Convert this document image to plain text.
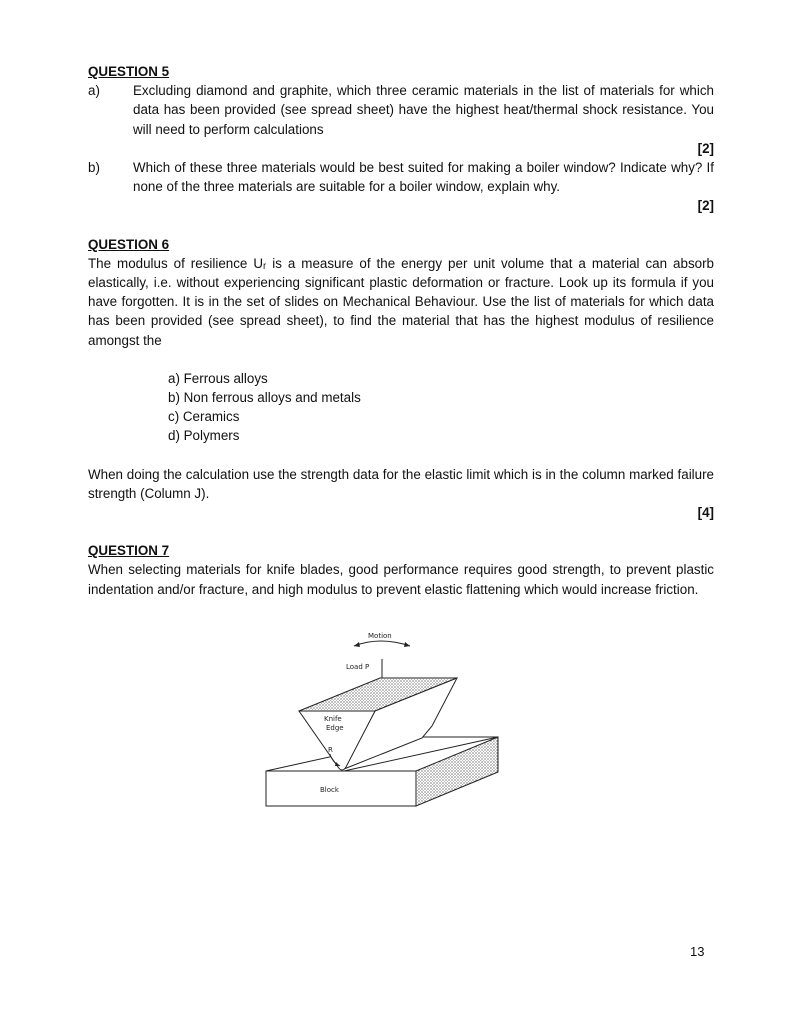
QUESTION 5
a)	Excluding diamond and graphite, which three ceramic materials in the list of materials for which data has been provided (see spread sheet) have the highest heat/thermal shock resistance. You will need to perform calculations
[2]
b)	Which of these three materials would be best suited for making a boiler window? Indicate why? If none of the three materials are suitable for a boiler window, explain why.
[2]
QUESTION 6
The modulus of resilience Uᵣ is a measure of the energy per unit volume that a material can absorb elastically, i.e. without experiencing significant plastic deformation or fracture. Look up its formula if you have forgotten. It is in the set of slides on Mechanical Behaviour. Use the list of materials for which data has been provided (see spread sheet), to find the material that has the highest modulus of resilience amongst the
a) Ferrous alloys
b) Non ferrous alloys and metals
c) Ceramics
d) Polymers
When doing the calculation use the strength data for the elastic limit which is in the column marked failure strength (Column J).
[4]
QUESTION 7
When selecting materials for knife blades, good performance requires good strength, to prevent plastic indentation and/or fracture, and high modulus to prevent elastic flattening which would increase friction.
Motion
Load P
Block
Knife
Edge
R
13
